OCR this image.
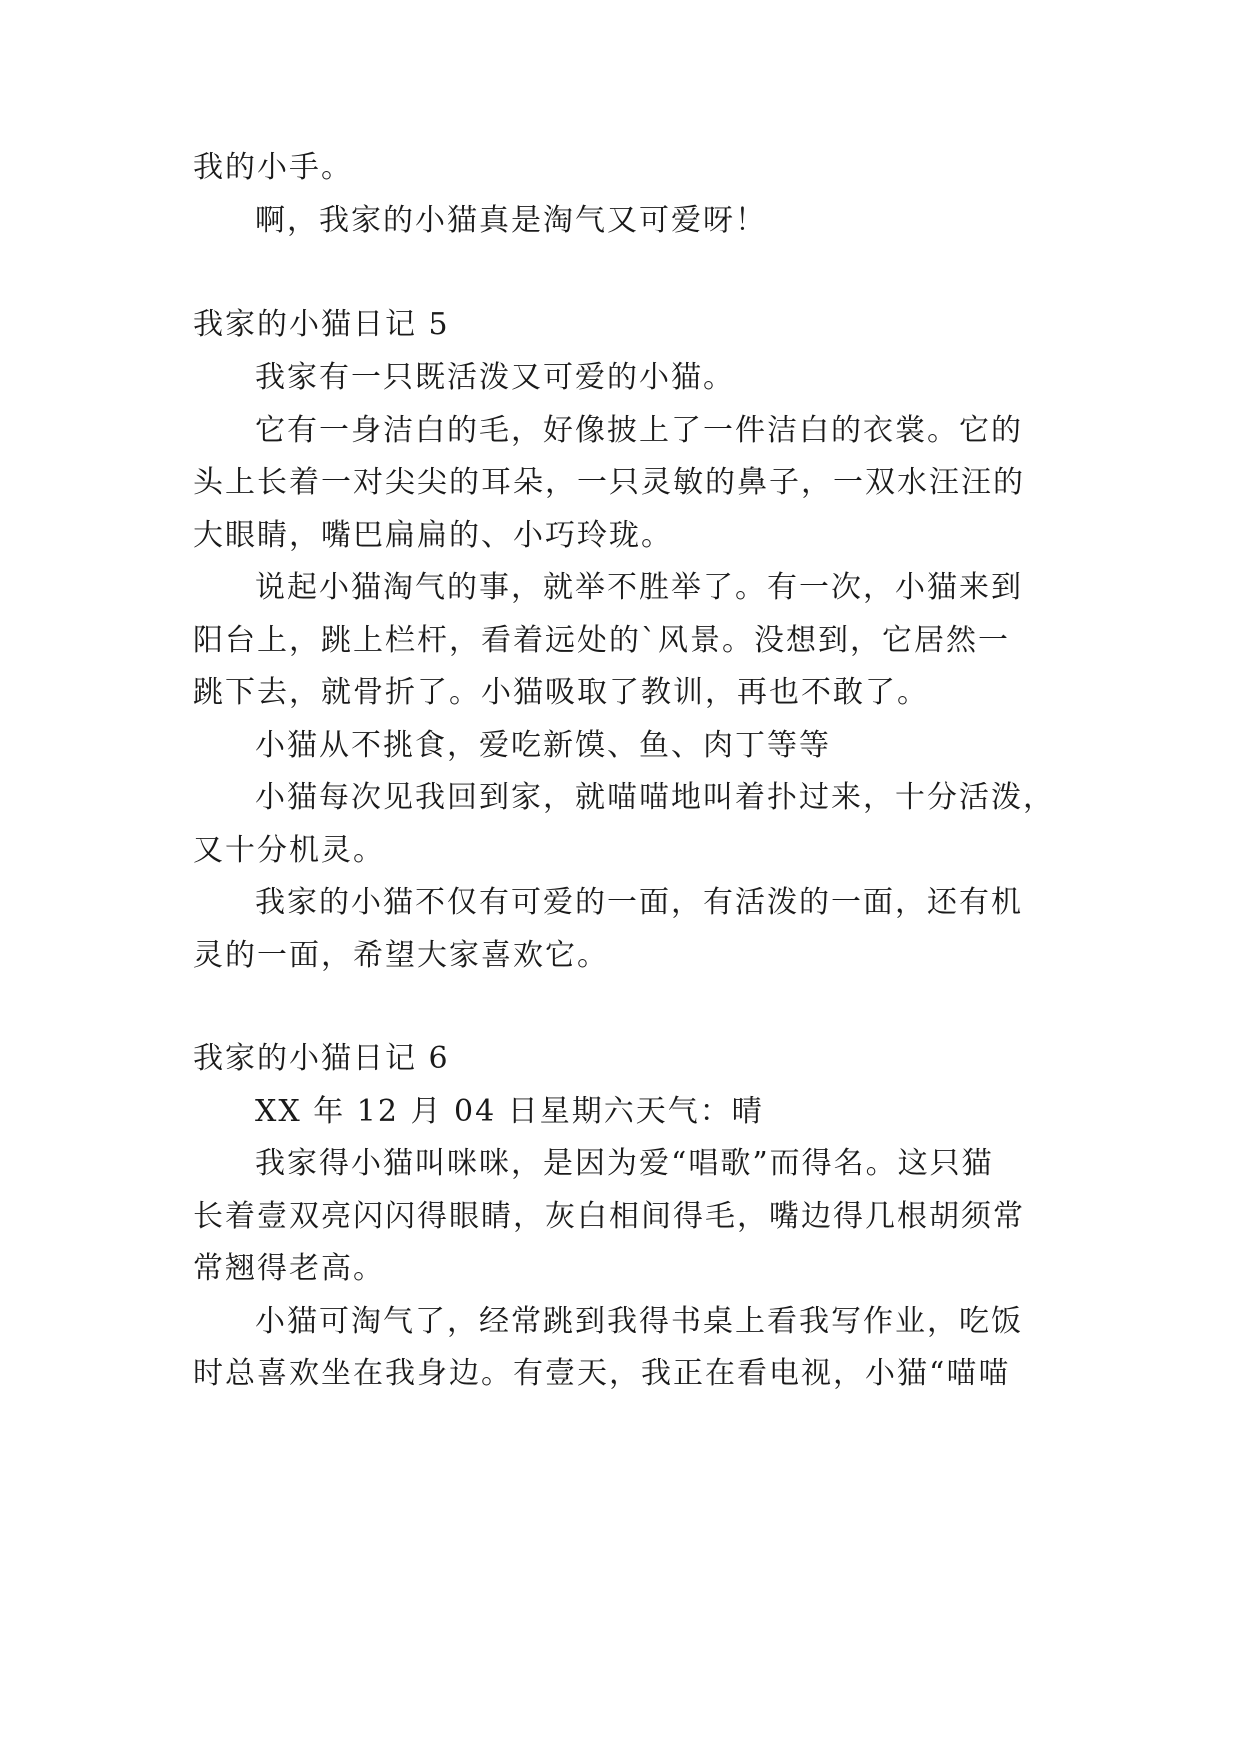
我的小手。
啊，我家的小猫真是淘气又可爱呀！
我家的小猫日记 5
我家有一只既活泼又可爱的小猫。
它有一身洁白的毛，好像披上了一件洁白的衣裳。它的
头上长着一对尖尖的耳朵，一只灵敏的鼻子，一双水汪汪的
大眼睛，嘴巴扁扁的、小巧玲珑。
说起小猫淘气的事，就举不胜举了。有一次，小猫来到
阳台上，跳上栏杆，看着远处的`风景。没想到，它居然一
跳下去，就骨折了。小猫吸取了教训，再也不敢了。
小猫从不挑食，爱吃新馍、鱼、肉丁等等
小猫每次见我回到家，就喵喵地叫着扑过来，十分活泼，
又十分机灵。
我家的小猫不仅有可爱的一面，有活泼的一面，还有机
灵的一面，希望大家喜欢它。
我家的小猫日记 6
XX 年 12 月 04 日星期六天气：晴
我家得小猫叫咪咪，是因为爱“唱歌”而得名。这只猫
长着壹双亮闪闪得眼睛，灰白相间得毛，嘴边得几根胡须常
常翘得老高。
小猫可淘气了，经常跳到我得书桌上看我写作业，吃饭
时总喜欢坐在我身边。有壹天，我正在看电视，小猫“喵喵
